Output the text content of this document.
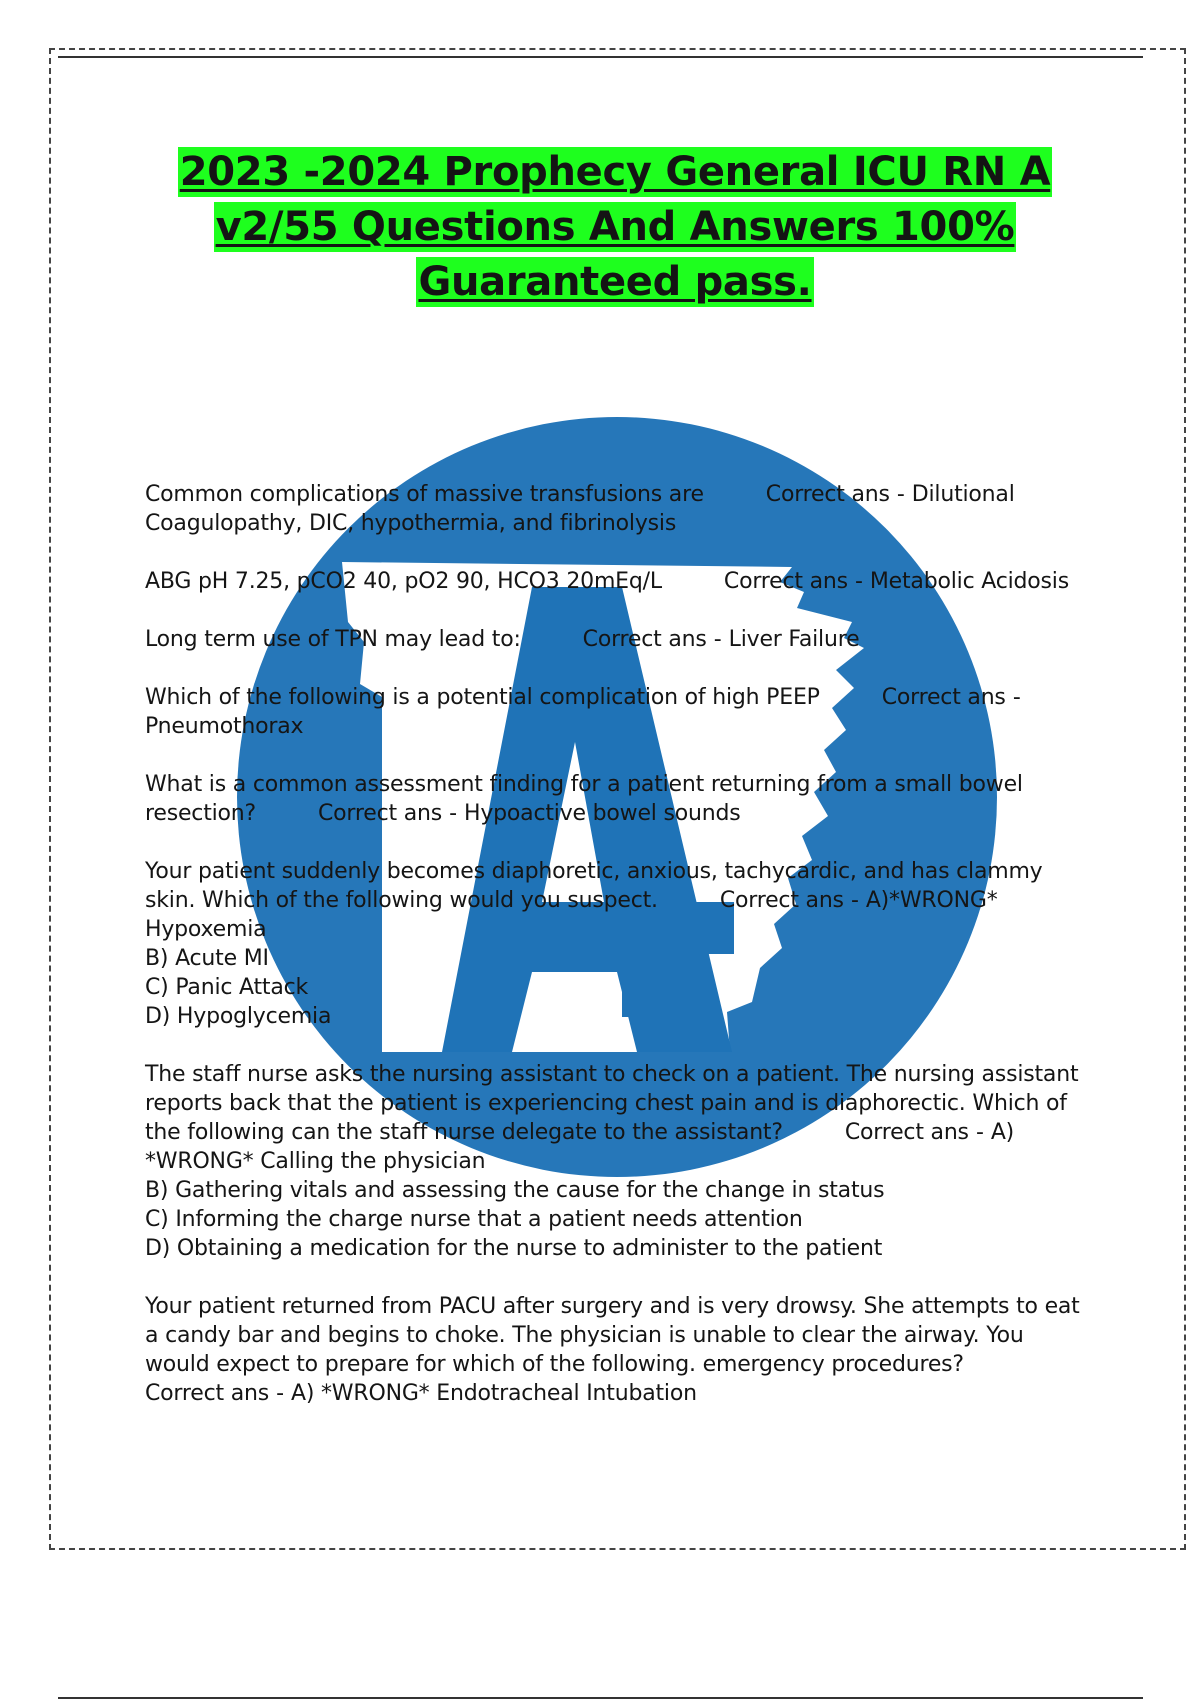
2023 -2024 Prophecy General ICU RN A
v2/55 Questions And Answers 100%
Guaranteed pass.
Common complications of massive transfusions are	Correct ans - Dilutional Coagulopathy, DIC, hypothermia, and fibrinolysis
ABG pH 7.25, pCO2 40, pO2 90, HCO3 20mEq/L	Correct ans - Metabolic Acidosis
Long term use of TPN may lead to:	Correct ans - Liver Failure
Which of the following is a potential complication of high PEEP	Correct ans -Pneumothorax
What is a common assessment finding for a patient returning from a small bowel resection?	Correct ans - Hypoactive bowel sounds
Your patient suddenly becomes diaphoretic, anxious, tachycardic, and has clammy skin. Which of the following would you suspect.	Correct ans - A)*WRONG* Hypoxemia
B) Acute MI
C) Panic Attack
D) Hypoglycemia
The staff nurse asks the nursing assistant to check on a patient. The nursing assistant reports back that the patient is experiencing chest pain and is diaphorectic. Which of the following can the staff nurse delegate to the assistant?	Correct ans - A) *WRONG* Calling the physician
B) Gathering vitals and assessing the cause for the change in status
C) Informing the charge nurse that a patient needs attention
D) Obtaining a medication for the nurse to administer to the patient
Your patient returned from PACU after surgery and is very drowsy. She attempts to eat a candy bar and begins to choke. The physician is unable to clear the airway. You would expect to prepare for which of the following. emergency procedures?
Correct ans - A) *WRONG* Endotracheal Intubation
